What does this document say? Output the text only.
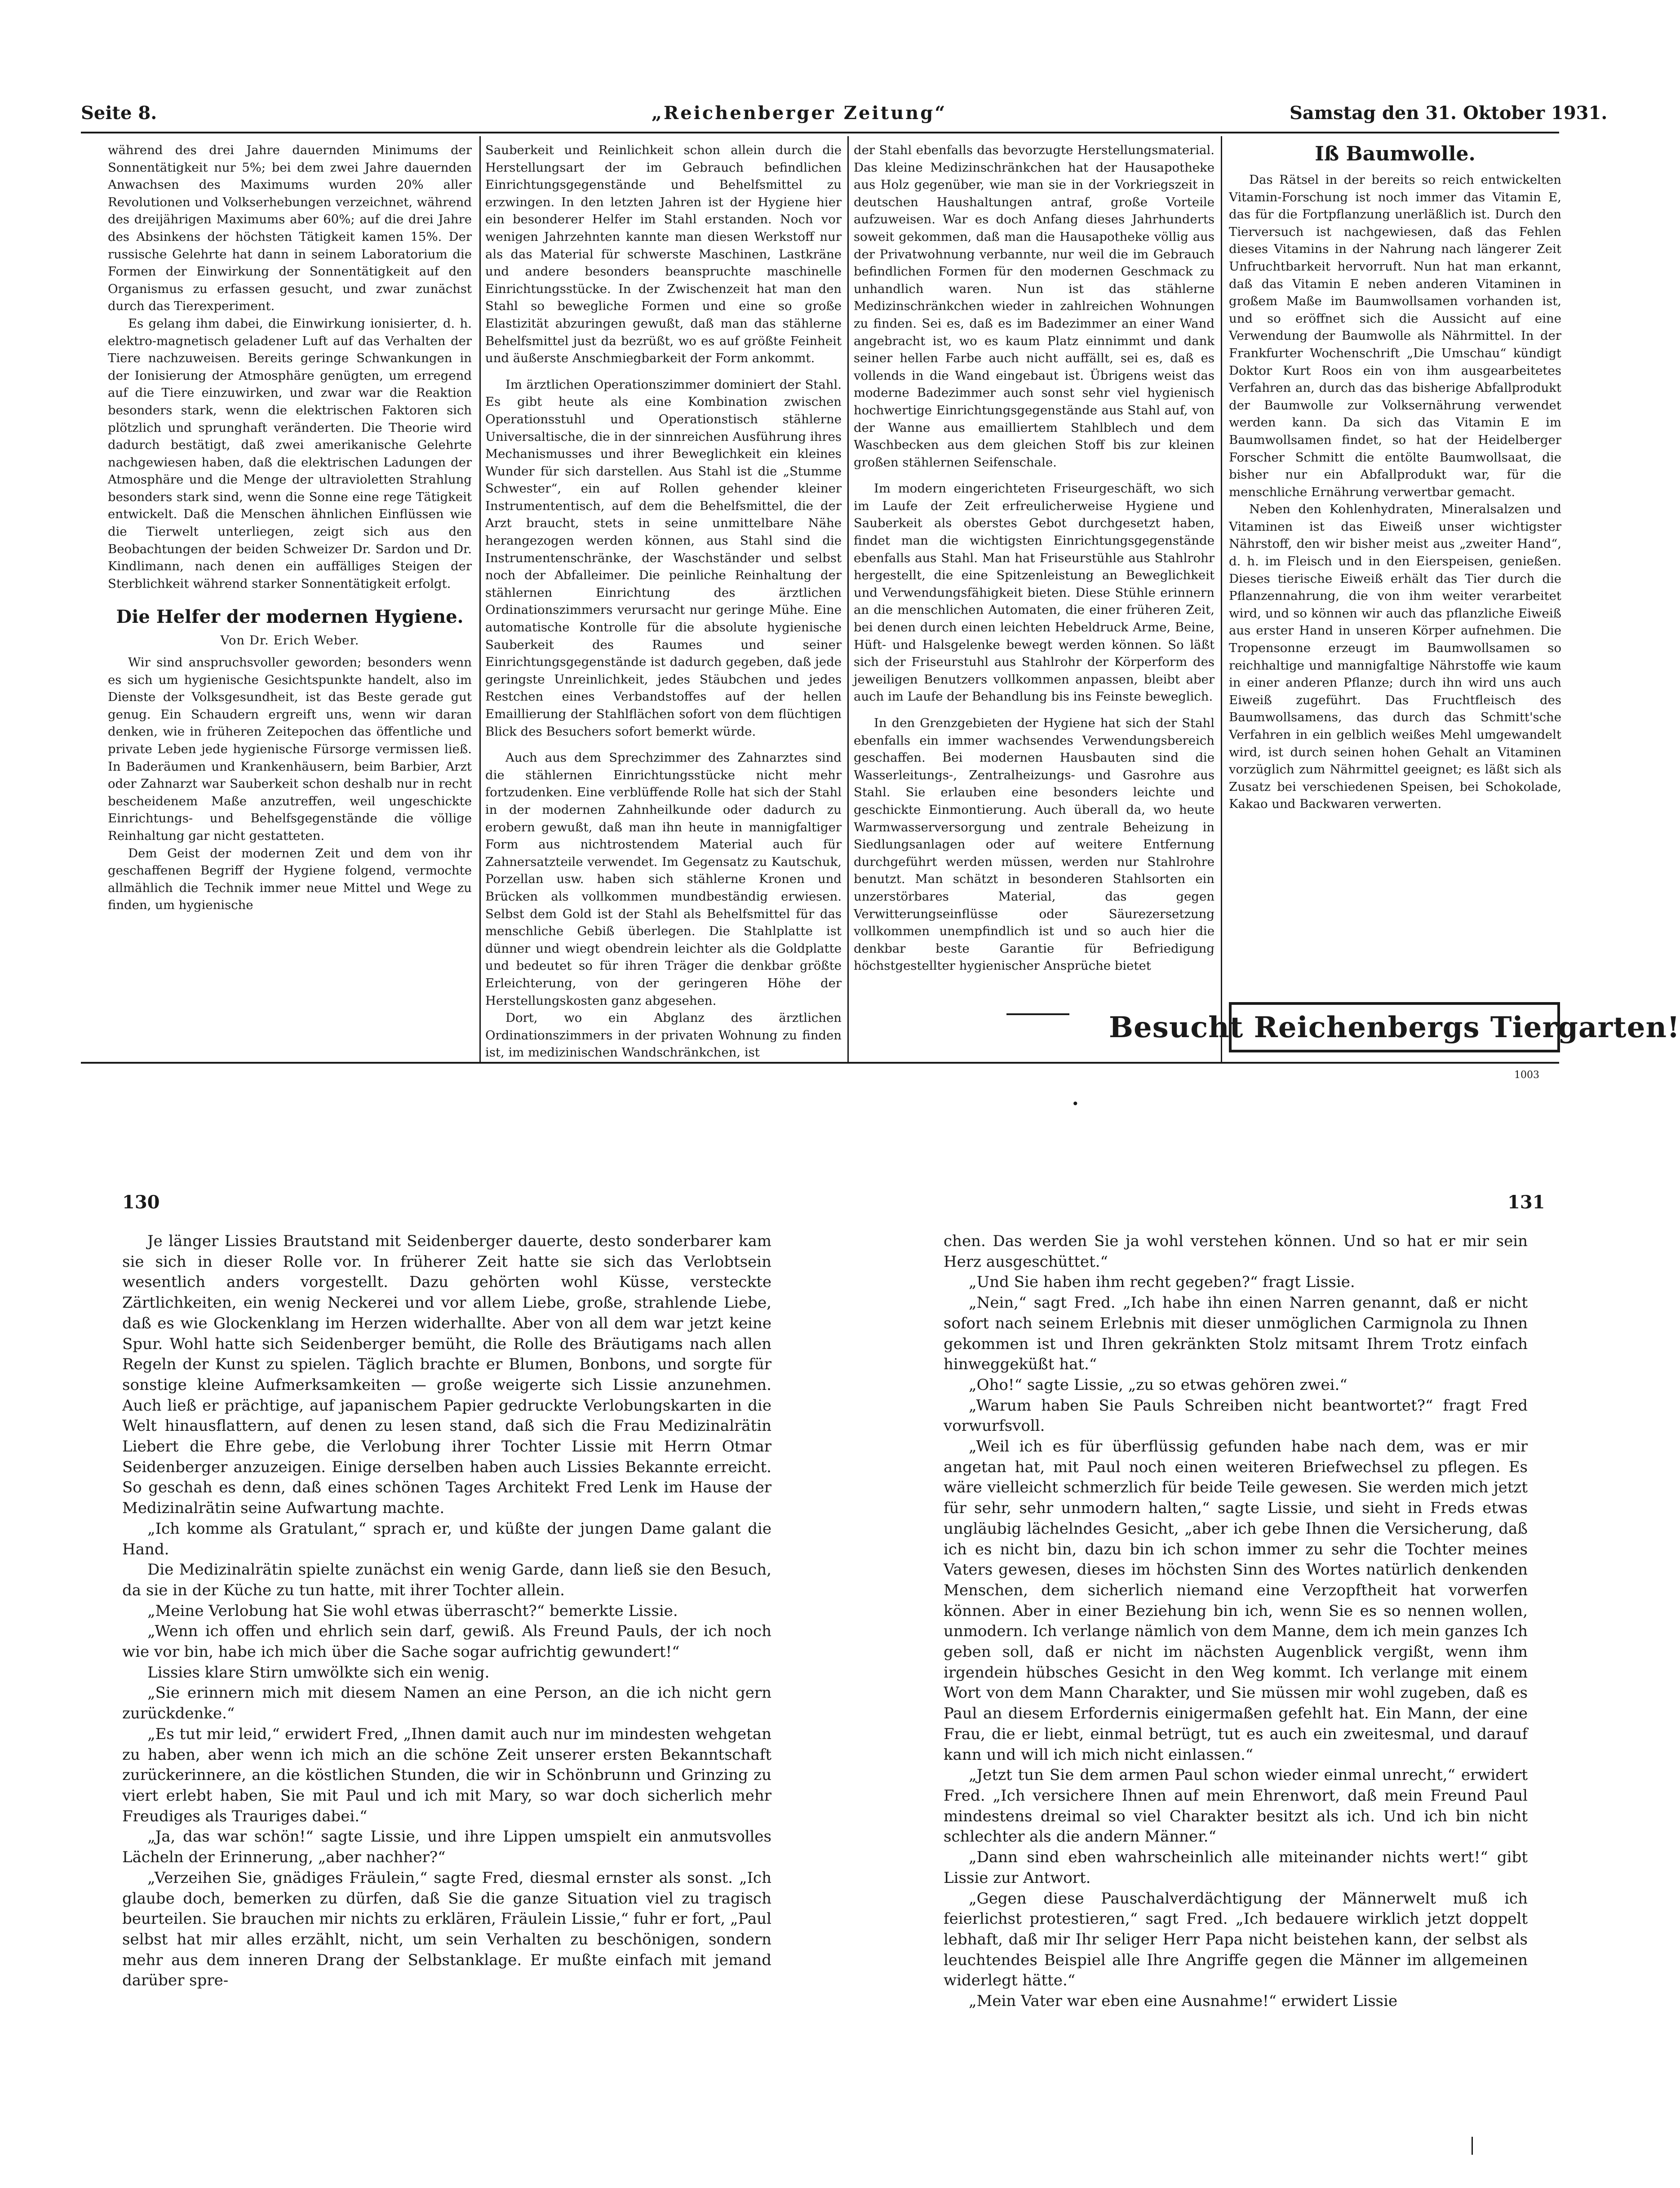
Seite 8.	„Reichenberger Zeitung“	Samstag den 31. Oktober 1931.

während des drei Jahre dauernden Minimums der Sonnentätigkeit nur 5%; bei dem zwei Jahre dauernden Anwachsen des Maximums wurden 20% aller Revolutionen und Volkserhebungen verzeichnet, während des dreijährigen Maximums aber 60%; auf die drei Jahre des Absinkens der höchsten Tätigkeit kamen 15%. Der russische Gelehrte hat dann in seinem Laboratorium die Formen der Einwirkung der Sonnentätigkeit auf den Organismus zu erfassen gesucht, und zwar zunächst durch das Tierexperiment.

Es gelang ihm dabei, die Einwirkung ionisierter, d. h. elektro-magnetisch geladener Luft auf das Verhalten der Tiere nachzuweisen. Bereits geringe Schwankungen in der Ionisierung der Atmosphäre genügten, um erregend auf die Tiere einzuwirken, und zwar war die Reaktion besonders stark, wenn die elektrischen Faktoren sich plötzlich und sprunghaft veränderten. Die Theorie wird dadurch bestätigt, daß zwei amerikanische Gelehrte nachgewiesen haben, daß die elektrischen Ladungen der Atmosphäre und die Menge der ultravioletten Strahlung besonders stark sind, wenn die Sonne eine rege Tätigkeit entwickelt. Daß die Menschen ähnlichen Einflüssen wie die Tierwelt unterliegen, zeigt sich aus den Beobachtungen der beiden Schweizer Dr. Sardon und Dr. Kindlimann, nach denen ein auffälliges Steigen der Sterblichkeit während starker Sonnentätigkeit erfolgt.

Die Helfer der modernen Hygiene.

Von Dr. Erich Weber.

Wir sind anspruchsvoller geworden; besonders wenn es sich um hygienische Gesichtspunkte handelt, also im Dienste der Volksgesundheit, ist das Beste gerade gut genug. Ein Schaudern ergreift uns, wenn wir daran denken, wie in früheren Zeitepochen das öffentliche und private Leben jede hygienische Fürsorge vermissen ließ. In Baderäumen und Krankenhäusern, beim Barbier, Arzt oder Zahnarzt war Sauberkeit schon deshalb nur in recht bescheidenem Maße anzutreffen, weil ungeschickte Einrichtungs- und Behelfsgegenstände die völlige Reinhaltung gar nicht gestatteten.

Dem Geist der modernen Zeit und dem von ihr geschaffenen Begriff der Hygiene folgend, vermochte allmählich die Technik immer neue Mittel und Wege zu finden, um hygienische

Sauberkeit und Reinlichkeit schon allein durch die Herstellungsart der im Gebrauch befindlichen Einrichtungsgegenstände und Behelfsmittel zu erzwingen. In den letzten Jahren ist der Hygiene hier ein besonderer Helfer im Stahl erstanden. Noch vor wenigen Jahrzehnten kannte man diesen Werkstoff nur als das Material für schwerste Maschinen, Lastkräne und andere besonders beanspruchte maschinelle Einrichtungsstücke. In der Zwischenzeit hat man den Stahl so bewegliche Formen und eine so große Elastizität abzuringen gewußt, daß man das stählerne Behelfsmittel just da bezrüßt, wo es auf größte Feinheit und äußerste Anschmiegbarkeit der Form ankommt.

Im ärztlichen Operationszimmer dominiert der Stahl. Es gibt heute als eine Kombination zwischen Operationsstuhl und Operationstisch stählerne Universaltische, die in der sinnreichen Ausführung ihres Mechanismusses und ihrer Beweglichkeit ein kleines Wunder für sich darstellen. Aus Stahl ist die „Stumme Schwester“, ein auf Rollen gehender kleiner Instrumententisch, auf dem die Behelfsmittel, die der Arzt braucht, stets in seine unmittelbare Nähe herangezogen werden können, aus Stahl sind die Instrumentenschränke, der Waschständer und selbst noch der Abfalleimer. Die peinliche Reinhaltung der stählernen Einrichtung des ärztlichen Ordinationszimmers verursacht nur geringe Mühe. Eine automatische Kontrolle für die absolute hygienische Sauberkeit des Raumes und seiner Einrichtungsgegenstände ist dadurch gegeben, daß jede geringste Unreinlichkeit, jedes Stäubchen und jedes Restchen eines Verbandstoffes auf der hellen Emaillierung der Stahlflächen sofort von dem flüchtigen Blick des Besuchers sofort bemerkt würde.

Auch aus dem Sprechzimmer des Zahnarztes sind die stählernen Einrichtungsstücke nicht mehr fortzudenken. Eine verblüffende Rolle hat sich der Stahl in der modernen Zahnheilkunde oder dadurch zu erobern gewußt, daß man ihn heute in mannigfaltiger Form aus nichtrostendem Material auch für Zahnersatzteile verwendet. Im Gegensatz zu Kautschuk, Porzellan usw. haben sich stählerne Kronen und Brücken als vollkommen mundbeständig erwiesen. Selbst dem Gold ist der Stahl als Behelfsmittel für das menschliche Gebiß überlegen. Die Stahlplatte ist dünner und wiegt obendrein leichter als die Goldplatte und bedeutet so für ihren Träger die denkbar größte Erleichterung, von der geringeren Höhe der Herstellungskosten ganz abgesehen.

Dort, wo ein Abglanz des ärztlichen Ordinationszimmers in der privaten Wohnung zu finden ist, im medizinischen Wandschränkchen, ist

der Stahl ebenfalls das bevorzugte Herstellungsmaterial. Das kleine Medizinschränkchen hat der Hausapotheke aus Holz gegenüber, wie man sie in der Vorkriegszeit in deutschen Haushaltungen antraf, große Vorteile aufzuweisen. War es doch Anfang dieses Jahrhunderts soweit gekommen, daß man die Hausapotheke völlig aus der Privatwohnung verbannte, nur weil die im Gebrauch befindlichen Formen für den modernen Geschmack zu unhandlich waren. Nun ist das stählerne Medizinschränkchen wieder in zahlreichen Wohnungen zu finden. Sei es, daß es im Badezimmer an einer Wand angebracht ist, wo es kaum Platz einnimmt und dank seiner hellen Farbe auch nicht auffällt, sei es, daß es vollends in die Wand eingebaut ist. Übrigens weist das moderne Badezimmer auch sonst sehr viel hygienisch hochwertige Einrichtungsgegenstände aus Stahl auf, von der Wanne aus emailliertem Stahlblech und dem Waschbecken aus dem gleichen Stoff bis zur kleinen großen stählernen Seifenschale.

Im modern eingerichteten Friseurgeschäft, wo sich im Laufe der Zeit erfreulicherweise Hygiene und Sauberkeit als oberstes Gebot durchgesetzt haben, findet man die wichtigsten Einrichtungsgegenstände ebenfalls aus Stahl. Man hat Friseurstühle aus Stahlrohr hergestellt, die eine Spitzenleistung an Beweglichkeit und Verwendungsfähigkeit bieten. Diese Stühle erinnern an die menschlichen Automaten, die einer früheren Zeit, bei denen durch einen leichten Hebeldruck Arme, Beine, Hüft- und Halsgelenke bewegt werden können. So läßt sich der Friseurstuhl aus Stahlrohr der Körperform des jeweiligen Benutzers vollkommen anpassen, bleibt aber auch im Laufe der Behandlung bis ins Feinste beweglich.

In den Grenzgebieten der Hygiene hat sich der Stahl ebenfalls ein immer wachsendes Verwendungsbereich geschaffen. Bei modernen Hausbauten sind die Wasserleitungs-, Zentralheizungs- und Gasrohre aus Stahl. Sie erlauben eine besonders leichte und geschickte Einmontierung. Auch überall da, wo heute Warmwasserversorgung und zentrale Beheizung in Siedlungsanlagen oder auf weitere Entfernung durchgeführt werden müssen, werden nur Stahlrohre benutzt. Man schätzt in besonderen Stahlsorten ein unzerstörbares Material, das gegen Verwitterungseinflüsse oder Säurezersetzung vollkommen unempfindlich ist und so auch hier die denkbar beste Garantie für Befriedigung höchstgestellter hygienischer Ansprüche bietet

Iß Baumwolle.

Das Rätsel in der bereits so reich entwickelten Vitamin-Forschung ist noch immer das Vitamin E, das für die Fortpflanzung unerläßlich ist. Durch den Tierversuch ist nachgewiesen, daß das Fehlen dieses Vitamins in der Nahrung nach längerer Zeit Unfruchtbarkeit hervorruft. Nun hat man erkannt, daß das Vitamin E neben anderen Vitaminen in großem Maße im Baumwollsamen vorhanden ist, und so eröffnet sich die Aussicht auf eine Verwendung der Baumwolle als Nährmittel. In der Frankfurter Wochenschrift „Die Umschau“ kündigt Doktor Kurt Roos ein von ihm ausgearbeitetes Verfahren an, durch das das bisherige Abfallprodukt der Baumwolle zur Volksernährung verwendet werden kann. Da sich das Vitamin E im Baumwollsamen findet, so hat der Heidelberger Forscher Schmitt die entölte Baumwollsaat, die bisher nur ein Abfallprodukt war, für die menschliche Ernährung verwertbar gemacht.

Neben den Kohlenhydraten, Mineralsalzen und Vitaminen ist das Eiweiß unser wichtigster Nährstoff, den wir bisher meist aus „zweiter Hand“, d. h. im Fleisch und in den Eierspeisen, genießen. Dieses tierische Eiweiß erhält das Tier durch die Pflanzennahrung, die von ihm weiter verarbeitet wird, und so können wir auch das pflanzliche Eiweiß aus erster Hand in unseren Körper aufnehmen. Die Tropensonne erzeugt im Baumwollsamen so reichhaltige und mannigfaltige Nährstoffe wie kaum in einer anderen Pflanze; durch ihn wird uns auch Eiweiß zugeführt. Das Fruchtfleisch des Baumwollsamens, das durch das Schmitt'sche Verfahren in ein gelblich weißes Mehl umgewandelt wird, ist durch seinen hohen Gehalt an Vitaminen vorzüglich zum Nährmittel geeignet; es läßt sich als Zusatz bei verschiedenen Speisen, bei Schokolade, Kakao und Backwaren verwerten.

Besucht Reichenbergs Tiergarten!
1003
•
130	131

Je länger Lissies Brautstand mit Seidenberger dauerte, desto sonderbarer kam sie sich in dieser Rolle vor. In früherer Zeit hatte sie sich das Verlobtsein wesentlich anders vorgestellt. Dazu gehörten wohl Küsse, versteckte Zärtlichkeiten, ein wenig Neckerei und vor allem Liebe, große, strahlende Liebe, daß es wie Glockenklang im Herzen widerhallte. Aber von all dem war jetzt keine Spur. Wohl hatte sich Seidenberger bemüht, die Rolle des Bräutigams nach allen Regeln der Kunst zu spielen. Täglich brachte er Blumen, Bonbons, und sorgte für sonstige kleine Aufmerksamkeiten — große weigerte sich Lissie anzunehmen. Auch ließ er prächtige, auf japanischem Papier gedruckte Verlobungskarten in die Welt hinausflattern, auf denen zu lesen stand, daß sich die Frau Medizinalrätin Liebert die Ehre gebe, die Verlobung ihrer Tochter Lissie mit Herrn Otmar Seidenberger anzuzeigen. Einige derselben haben auch Lissies Bekannte erreicht. So geschah es denn, daß eines schönen Tages Architekt Fred Lenk im Hause der Medizinalrätin seine Aufwartung machte.

„Ich komme als Gratulant,“ sprach er, und küßte der jungen Dame galant die Hand.

Die Medizinalrätin spielte zunächst ein wenig Garde, dann ließ sie den Besuch, da sie in der Küche zu tun hatte, mit ihrer Tochter allein.

„Meine Verlobung hat Sie wohl etwas überrascht?“ bemerkte Lissie.

„Wenn ich offen und ehrlich sein darf, gewiß. Als Freund Pauls, der ich noch wie vor bin, habe ich mich über die Sache sogar aufrichtig gewundert!“

Lissies klare Stirn umwölkte sich ein wenig.

„Sie erinnern mich mit diesem Namen an eine Person, an die ich nicht gern zurückdenke.“

„Es tut mir leid,“ erwidert Fred, „Ihnen damit auch nur im mindesten wehgetan zu haben, aber wenn ich mich an die schöne Zeit unserer ersten Bekanntschaft zurückerinnere, an die köstlichen Stunden, die wir in Schönbrunn und Grinzing zu viert erlebt haben, Sie mit Paul und ich mit Mary, so war doch sicherlich mehr Freudiges als Trauriges dabei.“

„Ja, das war schön!“ sagte Lissie, und ihre Lippen umspielt ein anmutsvolles Lächeln der Erinnerung, „aber nachher?“

„Verzeihen Sie, gnädiges Fräulein,“ sagte Fred, diesmal ernster als sonst. „Ich glaube doch, bemerken zu dürfen, daß Sie die ganze Situation viel zu tragisch beurteilen. Sie brauchen mir nichts zu erklären, Fräulein Lissie,“ fuhr er fort, „Paul selbst hat mir alles erzählt, nicht, um sein Verhalten zu beschönigen, sondern mehr aus dem inneren Drang der Selbstanklage. Er mußte einfach mit jemand darüber spre-

chen. Das werden Sie ja wohl verstehen können. Und so hat er mir sein Herz ausgeschüttet.“

„Und Sie haben ihm recht gegeben?“ fragt Lissie.

„Nein,“ sagt Fred. „Ich habe ihn einen Narren genannt, daß er nicht sofort nach seinem Erlebnis mit dieser unmöglichen Carmignola zu Ihnen gekommen ist und Ihren gekränkten Stolz mitsamt Ihrem Trotz einfach hinweggeküßt hat.“

„Oho!“ sagte Lissie, „zu so etwas gehören zwei.“

„Warum haben Sie Pauls Schreiben nicht beantwortet?“ fragt Fred vorwurfsvoll.

„Weil ich es für überflüssig gefunden habe nach dem, was er mir angetan hat, mit Paul noch einen weiteren Briefwechsel zu pflegen. Es wäre vielleicht schmerzlich für beide Teile gewesen. Sie werden mich jetzt für sehr, sehr unmodern halten,“ sagte Lissie, und sieht in Freds etwas ungläubig lächelndes Gesicht, „aber ich gebe Ihnen die Versicherung, daß ich es nicht bin, dazu bin ich schon immer zu sehr die Tochter meines Vaters gewesen, dieses im höchsten Sinn des Wortes natürlich denkenden Menschen, dem sicherlich niemand eine Verzopftheit hat vorwerfen können. Aber in einer Beziehung bin ich, wenn Sie es so nennen wollen, unmodern. Ich verlange nämlich von dem Manne, dem ich mein ganzes Ich geben soll, daß er nicht im nächsten Augenblick vergißt, wenn ihm irgendein hübsches Gesicht in den Weg kommt. Ich verlange mit einem Wort von dem Mann Charakter, und Sie müssen mir wohl zugeben, daß es Paul an diesem Erfordernis einigermaßen gefehlt hat. Ein Mann, der eine Frau, die er liebt, einmal betrügt, tut es auch ein zweitesmal, und darauf kann und will ich mich nicht einlassen.“

„Jetzt tun Sie dem armen Paul schon wieder einmal unrecht,“ erwidert Fred. „Ich versichere Ihnen auf mein Ehrenwort, daß mein Freund Paul mindestens dreimal so viel Charakter besitzt als ich. Und ich bin nicht schlechter als die andern Männer.“

„Dann sind eben wahrscheinlich alle miteinander nichts wert!“ gibt Lissie zur Antwort.

„Gegen diese Pauschalverdächtigung der Männerwelt muß ich feierlichst protestieren,“ sagt Fred. „Ich bedauere wirklich jetzt doppelt lebhaft, daß mir Ihr seliger Herr Papa nicht beistehen kann, der selbst als leuchtendes Beispiel alle Ihre Angriffe gegen die Männer im allgemeinen widerlegt hätte.“

„Mein Vater war eben eine Ausnahme!“ erwidert Lissie
